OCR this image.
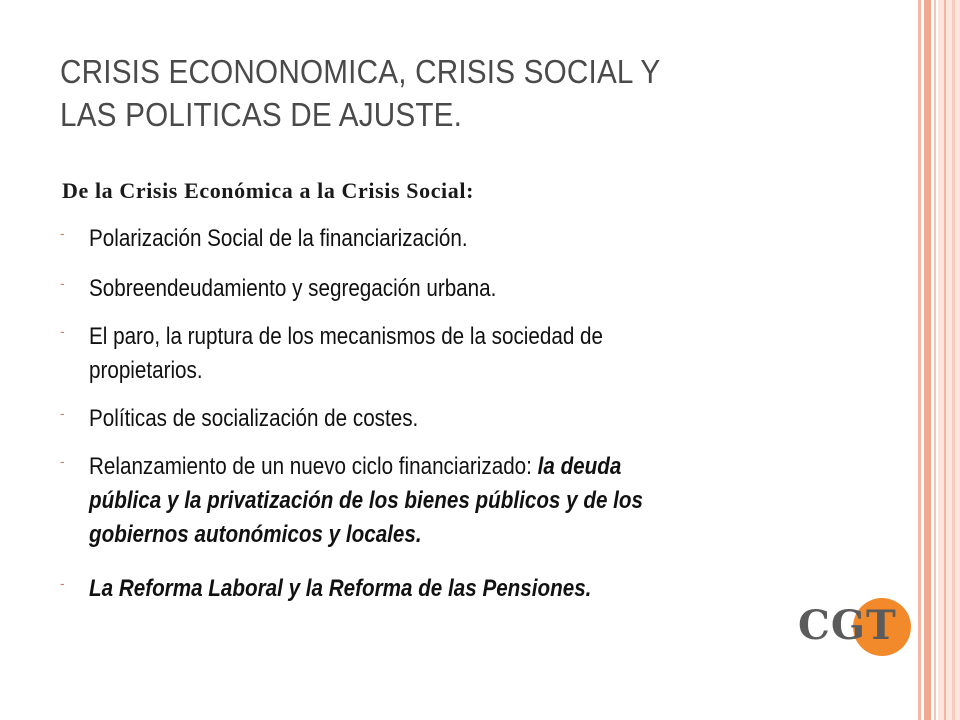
CRISIS ECONONOMICA, CRISIS SOCIAL Y
LAS POLITICAS DE AJUSTE.
De la Crisis Económica a la Crisis Social:
- Polarización Social de la financiarización.
- Sobreendeudamiento y segregación urbana.
- El paro, la ruptura de los mecanismos de la sociedad de
propietarios.
- Políticas de socialización de costes.
- Relanzamiento de un nuevo ciclo financiarizado: la deuda
pública y la privatización de los bienes públicos y de los
gobiernos autonómicos y locales.
- La Reforma Laboral y la Reforma de las Pensiones.
CGT
